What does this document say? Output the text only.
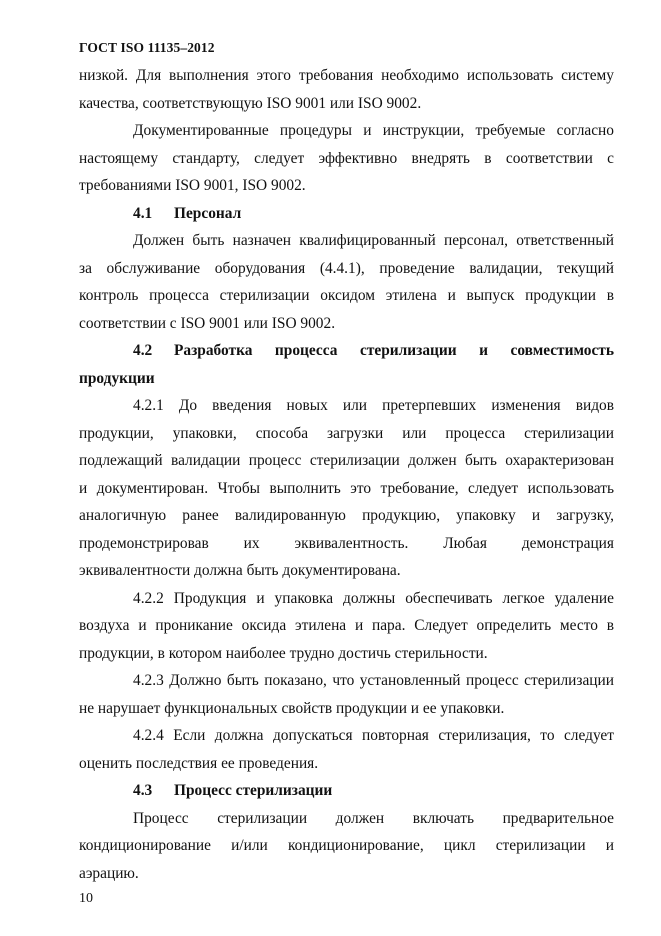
ГОСТ ISO 11135–2012
низкой. Для выполнения этого требования необходимо использовать систему
качества, соответствующую ISO 9001 или ISO 9002.
Документированные процедуры и инструкции, требуемые согласно
настоящему стандарту, следует эффективно внедрять в соответствии с
требованиями ISO 9001, ISO 9002.
4.1 Персонал
Должен быть назначен квалифицированный персонал, ответственный
за обслуживание оборудования (4.4.1), проведение валидации, текущий
контроль процесса стерилизации оксидом этилена и выпуск продукции в
соответствии с ISO 9001 или ISO 9002.
4.2 Разработка процесса стерилизации и совместимость
продукции
4.2.1 До введения новых или претерпевших изменения видов
продукции, упаковки, способа загрузки или процесса стерилизации
подлежащий валидации процесс стерилизации должен быть охарактеризован
и документирован. Чтобы выполнить это требование, следует использовать
аналогичную ранее валидированную продукцию, упаковку и загрузку,
продемонстрировав их эквивалентность. Любая демонстрация
эквивалентности должна быть документирована.
4.2.2 Продукция и упаковка должны обеспечивать легкое удаление
воздуха и проникание оксида этилена и пара. Следует определить место в
продукции, в котором наиболее трудно достичь стерильности.
4.2.3 Должно быть показано, что установленный процесс стерилизации
не нарушает функциональных свойств продукции и ее упаковки.
4.2.4 Если должна допускаться повторная стерилизация, то следует
оценить последствия ее проведения.
4.3 Процесс стерилизации
Процесс стерилизации должен включать предварительное
кондиционирование и/или кондиционирование, цикл стерилизации и
аэрацию.
10
